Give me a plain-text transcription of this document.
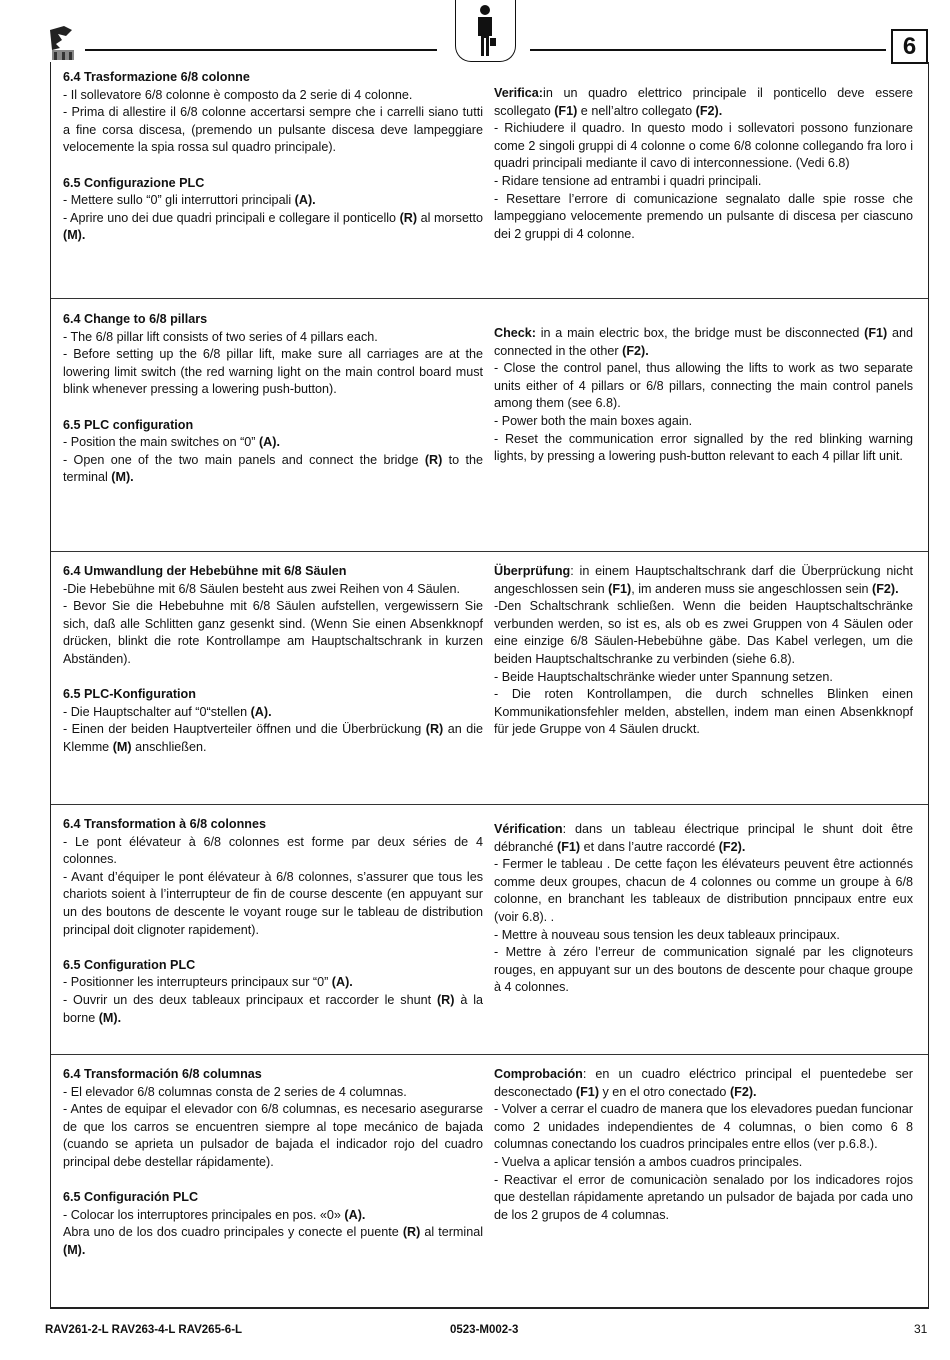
6

6.4 Trasformazione 6/8 colonne

- Il sollevatore 6/8 colonne è composto da 2 serie di 4 colonne.

- Prima di allestire il 6/8 colonne accertarsi sempre che i carrelli siano tutti a fine corsa discesa, (premendo un pulsante discesa deve lampeggiare velocemente la spia rossa sul quadro principale).

6.5 Configurazione PLC

- Mettere sullo “0” gli interruttori principali (A).

- Aprire uno dei due quadri principali e collegare il ponticello (R) al morsetto (M).

Verifica:in un quadro elettrico principale il ponticello deve essere scollegato (F1) e nell’altro collegato (F2).

- Richiudere il quadro. In questo modo i sollevatori possono funzionare come 2 singoli gruppi di 4 colonne o come 6/8 colonne collegando fra loro i quadri principali mediante il cavo di interconnessione. (Vedi 6.8)

- Ridare tensione ad entrambi i quadri principali.

- Resettare l’errore di comunicazione segnalato dalle spie rosse che lampeggiano velocemente premendo un pulsante di discesa per ciascuno dei 2 gruppi di 4 colonne.

6.4 Change to 6/8 pillars

- The 6/8 pillar lift consists of two series of 4 pillars each.

- Before setting up the 6/8 pillar lift, make sure all carriages are at the lowering limit switch (the red warning light on the main control board must blink whenever pressing a lowering push-button).

6.5 PLC configuration

- Position the main switches on “0” (A).

- Open one of the two main panels and connect the bridge (R) to the terminal (M).

Check: in a main electric box, the bridge must be disconnected (F1) and connected in the other (F2).

- Close the control panel, thus allowing the lifts to work as two separate units either of 4 pillars or 6/8 pillars, connecting the main control panels among them (see 6.8).

- Power both the main boxes again.

- Reset the communication error signalled by the red blinking warning lights, by pressing a lowering push-button relevant to each 4 pillar lift unit.

6.4 Umwandlung der Hebebühne mit 6/8 Säulen

-Die Hebebühne mit 6/8 Säulen besteht aus zwei Reihen von 4 Säulen.

- Bevor Sie die Hebebuhne mit 6/8 Säulen aufstellen, vergewissern Sie sich, daß alle Schlitten ganz gesenkt sind. (Wenn Sie einen Absenkknopf drücken, blinkt die rote Kontrollampe am Hauptschaltschrank in kurzen Abständen).

6.5 PLC-Konfiguration

- Die Hauptschalter auf “0“stellen (A).

- Einen der beiden Hauptverteiler öffnen und die Überbrückung (R) an die Klemme (M) anschließen.

Überprüfung: in einem Hauptschaltschrank darf die Überprückung nicht angeschlossen sein (F1), im anderen muss sie angeschlossen sein (F2).

-Den Schaltschrank schließen. Wenn die beiden Hauptschaltschränke verbunden werden, so ist es, als ob es zwei Gruppen von 4 Säulen oder eine einzige 6/8 Säulen-Hebebühne gäbe. Das Kabel verlegen, um die beiden Hauptschaltschranke zu verbinden (siehe 6.8).

- Beide Hauptschaltschränke wieder unter Spannung setzen.

- Die roten Kontrollampen, die durch schnelles Blinken einen Kommunikationsfehler melden, abstellen, indem man einen Absenkknopf für jede Gruppe von 4 Säulen druckt.

6.4 Transformation à 6/8 colonnes

- Le pont élévateur à 6/8 colonnes est forme par deux séries de 4 colonnes.

- Avant d’équiper le pont élévateur à 6/8 colonnes, s’assurer que tous les chariots soient à l’interrupteur de fin de course descente (en appuyant sur un des boutons de descente le voyant rouge sur le tableau de distribution principal doit clignoter rapidement).

6.5 Configuration PLC

- Positionner les interrupteurs principaux sur “0” (A).

- Ouvrir un des deux tableaux principaux et raccorder le shunt (R) à la borne (M).

Vérification: dans un tableau électrique principal le shunt doit être débranché (F1) et dans l’autre raccordé (F2).

- Fermer le tableau . De cette façon les élévateurs peuvent être actionnés comme deux groupes, chacun de 4 colonnes ou comme un groupe à 6/8 colonne, en branchant les tableaux de distribution pnncipaux entre eux (voir 6.8). .

- Mettre à nouveau sous tension les deux tableaux principaux.

- Mettre à zéro l’erreur de communication signalé par les clignoteurs rouges, en appuyant sur un des boutons de descente pour chaque groupe à 4 colonnes.

6.4 Transformación 6/8 columnas

- El elevador 6/8 columnas consta de 2 series de 4 columnas.

- Antes de equipar el elevador con 6/8 columnas, es necesario asegurarse de que los carros se encuentren siempre al tope mecánico de bajada (cuando se aprieta un pulsador de bajada el indicador rojo del cuadro principal debe destellar rápidamente).

6.5 Configuración PLC

- Colocar los interruptores principales en pos. «0» (A).

Abra uno de los dos cuadro principales y conecte el puente (R) al terminal (M).

Comprobación: en un cuadro eléctrico principal el puentedebe ser desconectado (F1) y en el otro conectado (F2).

- Volver a cerrar el cuadro de manera que los elevadores puedan funcionar como 2 unidades independientes de 4 columnas, o bien como 6 8 columnas conectando los cuadros principales entre ellos (ver p.6.8.).

- Vuelva a aplicar tensión a ambos cuadros principales.

- Reactivar el error de comunicaciòn senalado por los indicadores rojos que destellan rápidamente apretando un pulsador de bajada por cada uno de los 2 grupos de 4 columnas.

RAV261-2-L RAV263-4-L RAV265-6-L	0523-M002-3	31
